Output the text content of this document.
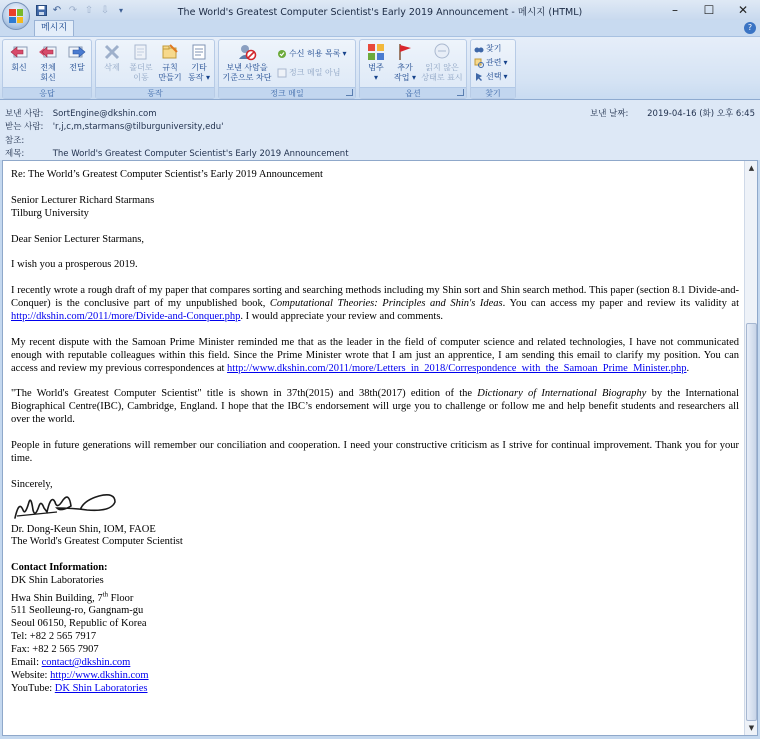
↶ ↷ ⇧ ⇩	▾	The World's Greatest Computer Scientist's Early 2019 Announcement - 메시지 (HTML)	–	☐	✕
메시지	?
회신	전체
회신
전달
응답
삭제	폴더로
이동
규칙
만들기
기타
동작 ▾
동작
보낸 사람을
기준으로 차단
수신 허용 목록 ▾
정크 메일 아님
정크 메일
범주
▾
추가
작업 ▾
읽지 않은
상태로 표시
옵션
찾기
관련 ▾
선택 ▾
찾기
보낸 사람: SortEngine@dkshin.com
받는 사람: 'r,j,c,m,starmans@tilburguniversity,edu'
참조:
제목:	The World's Greatest Computer Scientist's Early 2019 Announcement
보낸 날짜: 2019-04-16 (화) 오후 6:45

Re: The World’s Greatest Computer Scientist’s Early 2019 Announcement

Senior Lecturer Richard Starmans
Tilburg University

Dear Senior Lecturer Starmans,

I wish you a prosperous 2019.

I recently wrote a rough draft of my paper that compares sorting and searching methods including my Shin sort and Shin search method. This paper (section 8.1 Divide-and-Conquer) is the conclusive part of my unpublished book, Computational Theories: Principles and Shin's Ideas. You can access my paper and review its validity at http://dkshin.com/2011/more/Divide-and-Conquer.php. I would appreciate your review and comments.

My recent dispute with the Samoan Prime Minister reminded me that as the leader in the field of computer science and related technologies, I have not communicated enough with reputable colleagues within this field. Since the Prime Minister wrote that I am just an apprentice, I am sending this email to clarify my position. You can access and review my previous correspondences at http://www.dkshin.com/2011/more/Letters_in_2018/Correspondence_with_the_Samoan_Prime_Minister.php.

"The World's Greatest Computer Scientist" title is shown in 37th(2015) and 38th(2017) edition of the Dictionary of International Biography by the International Biographical Centre(IBC), Cambridge, England. I hope that the IBC’s endorsement will urge you to challenge or follow me and help benefit students and researchers all over the world.

People in future generations will remember our conciliation and cooperation. I need your constructive criticism as I strive for continual improvement. Thank you for your time.

Sincerely,

Dr. Dong-Keun Shin, IOM, FAOE
The World's Greatest Computer Scientist

Contact Information:
DK Shin Laboratories
Hwa Shin Building, 7th Floor
511 Seolleung-ro, Gangnam-gu
Seoul 06150, Republic of Korea
Tel: +82 2 565 7917
Fax: +82 2 565 7907
Email: contact@dkshin.com
Website: http://www.dkshin.com
YouTube: DK Shin Laboratories
▲
▼
